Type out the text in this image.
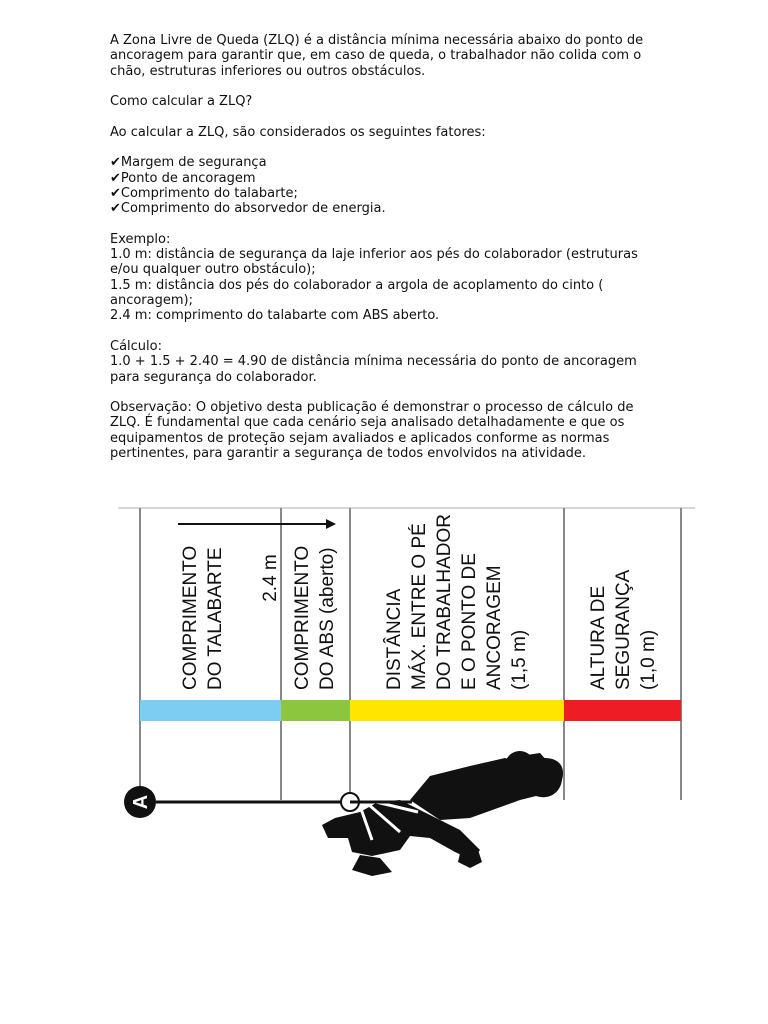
A Zona Livre de Queda (ZLQ) é a distância mínima necessária abaixo do ponto de ancoragem para garantir que, em caso de queda, o trabalhador não colida com o chão, estruturas inferiores ou outros obstáculos.

Como calcular a ZLQ?

Ao calcular a ZLQ, são considerados os seguintes fatores:

✔Margem de segurança
✔Ponto de ancoragem
✔Comprimento do talabarte;
✔Comprimento do absorvedor de energia.

Exemplo:
1.0 m: distância de segurança da laje inferior aos pés do colaborador (estruturas e/ou qualquer outro obstáculo);
1.5 m: distância dos pés do colaborador a argola de acoplamento do cinto ( ancoragem);
2.4 m: comprimento do talabarte com ABS aberto.

Cálculo:
1.0 + 1.5 + 2.40 = 4.90 de distância mínima necessária do ponto de ancoragem para segurança do colaborador.

Observação: O objetivo desta publicação é demonstrar o processo de cálculo de ZLQ. É fundamental que cada cenário seja analisado detalhadamente e que os equipamentos de proteção sejam avaliados e aplicados conforme as normas pertinentes, para garantir a segurança de todos envolvidos na atividade.

2.4 m
COMPRIMENTO DO TALABARTE	COMPRIMENTO DO ABS (aberto) DISTÂNCIA MÁX. ENTRE O PÉ DO TRABALHADOR E O PONTO DE ANCORAGEM (1,5 m)	ALTURA DE SEGURANÇA (1,0 m)
A
